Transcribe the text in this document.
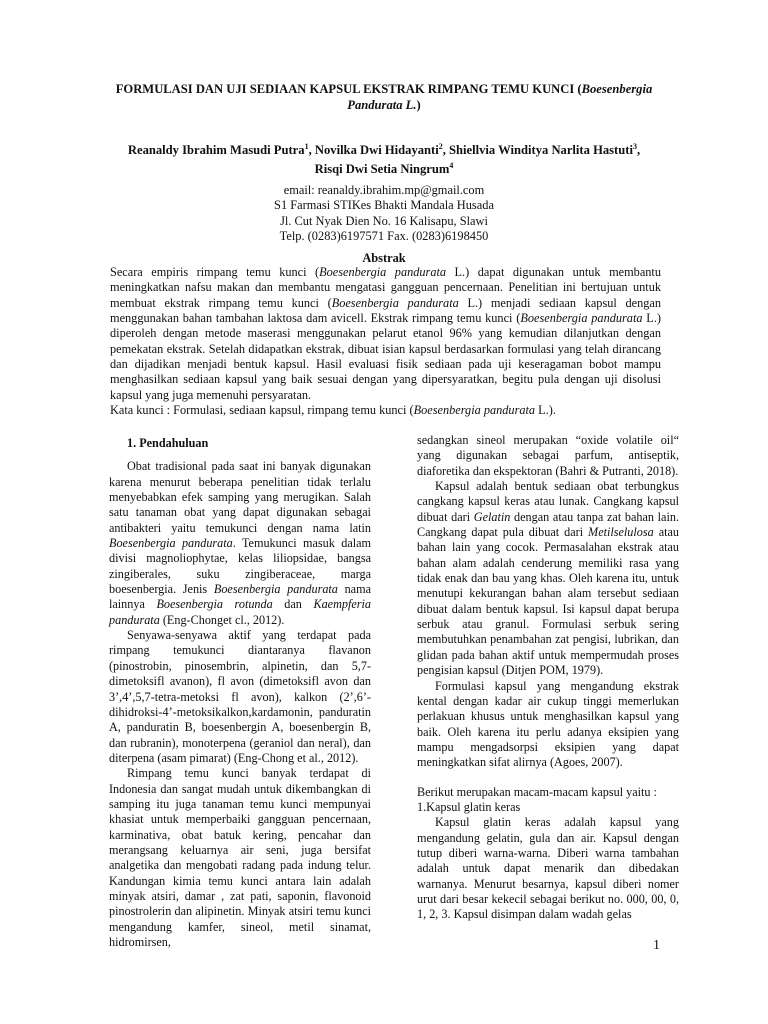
FORMULASI DAN UJI SEDIAAN KAPSUL EKSTRAK RIMPANG TEMU KUNCI (Boesenbergia Pandurata L.)
Reanaldy Ibrahim Masudi Putra$^1$, Novilka Dwi Hidayanti$^2$, Shiellvia Winditya Narlita Hastuti$^3$,
Risqi Dwi Setia Ningrum$^4$
email: reanaldy.ibrahim.mp@gmail.com
S1 Farmasi STIKes Bhakti Mandala Husada
Jl. Cut Nyak Dien No. 16 Kalisapu, Slawi
Telp. (0283)6197571 Fax. (0283)6198450
Abstrak

Secara empiris rimpang temu kunci (Boesenbergia pandurata L.) dapat digunakan untuk membantu meningkatkan nafsu makan dan membantu mengatasi gangguan pencernaan. Penelitian ini bertujuan untuk membuat ekstrak rimpang temu kunci (Boesenbergia pandurata L.) menjadi sediaan kapsul dengan menggunakan bahan tambahan laktosa dam avicell. Ekstrak rimpang temu kunci (Boesenbergia pandurata L.) diperoleh dengan metode maserasi menggunakan pelarut etanol 96% yang kemudian dilanjutkan dengan pemekatan ekstrak. Setelah didapatkan ekstrak, dibuat isian kapsul berdasarkan formulasi yang telah dirancang dan dijadikan menjadi bentuk kapsul. Hasil evaluasi fisik sediaan pada uji keseragaman bobot mampu menghasilkan sediaan kapsul yang baik sesuai dengan yang dipersyaratkan, begitu pula dengan uji disolusi kapsul yang juga memenuhi persyaratan.

Kata kunci : Formulasi, sediaan kapsul, rimpang temu kunci (Boesenbergia pandurata L.).

1. Pendahuluan

Obat tradisional pada saat ini banyak digunakan karena menurut beberapa penelitian tidak terlalu menyebabkan efek samping yang merugikan. Salah satu tanaman obat yang dapat digunakan sebagai antibakteri yaitu temukunci dengan nama latin Boesenbergia pandurata. Temukunci masuk dalam divisi magnoliophytae, kelas liliopsidae, bangsa zingiberales, suku zingiberaceae, marga boesenbergia. Jenis Boesenbergia pandurata nama lainnya Boesenbergia rotunda dan Kaempferia pandurata (Eng-Chonget cl., 2012).

Senyawa-senyawa aktif yang terdapat pada rimpang temukunci diantaranya flavanon (pinostrobin, pinosembrin, alpinetin, dan 5,7-dimetoksifl avanon), fl avon (dimetoksifl avon dan 3’,4’,5,7-tetra-metoksi fl avon), kalkon (2’,6’-dihidroksi-4’-metoksikalkon,kardamonin, panduratin A, panduratin B, boesenbergin A, boesenbergin B, dan rubranin), monoterpena (geraniol dan neral), dan diterpena (asam pimarat) (Eng-Chong et al., 2012).

Rimpang temu kunci banyak terdapat di Indonesia dan sangat mudah untuk dikembangkan di samping itu juga tanaman temu kunci mempunyai khasiat untuk memperbaiki gangguan pencernaan, karminativa, obat batuk kering, pencahar dan merangsang keluarnya air seni, juga bersifat analgetika dan mengobati radang pada indung telur. Kandungan kimia temu kunci antara lain adalah minyak atsiri, damar , zat pati, saponin, flavonoid pinostrolerin dan alipinetin. Minyak atsiri temu kunci mengandung kamfer, sineol, metil sinamat, hidromirsen,

sedangkan sineol merupakan “oxide volatile oil“ yang digunakan sebagai parfum, antiseptik, diaforetika dan ekspektoran (Bahri & Putranti, 2018).

Kapsul adalah bentuk sediaan obat terbungkus cangkang kapsul keras atau lunak. Cangkang kapsul dibuat dari Gelatin dengan atau tanpa zat bahan lain. Cangkang dapat pula dibuat dari Metilselulosa atau bahan lain yang cocok. Permasalahan ekstrak atau bahan alam adalah cenderung memiliki rasa yang tidak enak dan bau yang khas. Oleh karena itu, untuk menutupi kekurangan bahan alam tersebut sediaan dibuat dalam bentuk kapsul. Isi kapsul dapat berupa serbuk atau granul. Formulasi serbuk sering membutuhkan penambahan zat pengisi, lubrikan, dan glidan pada bahan aktif untuk mempermudah proses pengisian kapsul (Ditjen POM, 1979).

Formulasi kapsul yang mengandung ekstrak kental dengan kadar air cukup tinggi memerlukan perlakuan khusus untuk menghasilkan kapsul yang baik. Oleh karena itu perlu adanya eksipien yang mampu mengadsorpsi eksipien yang dapat meningkatkan sifat alirnya (Agoes, 2007).

Berikut merupakan macam-macam kapsul yaitu :

1.Kapsul glatin keras

Kapsul glatin keras adalah kapsul yang mengandung gelatin, gula dan air. Kapsul dengan tutup diberi warna-warna. Diberi warna tambahan adalah untuk dapat menarik dan dibedakan warnanya. Menurut besarnya, kapsul diberi nomer urut dari besar kekecil sebagai berikut no. 000, 00, 0, 1, 2, 3. Kapsul disimpan dalam wadah gelas

1
